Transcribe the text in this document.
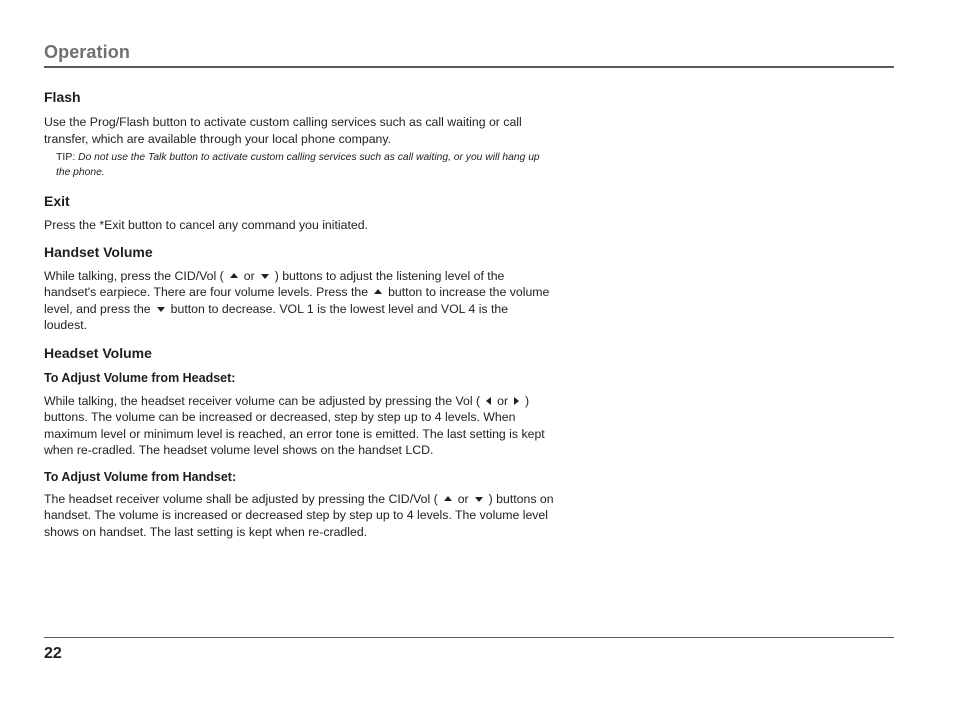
Operation
Flash

Use the Prog/Flash button to activate custom calling services such as call waiting or call transfer, which are available through your local phone company.

TIP: Do not use the Talk button to activate custom calling services such as call waiting, or you will hang up the phone.
Exit

Press the *Exit button to cancel any command you initiated.

Handset Volume

While talking, press the CID/Vol ( or ) buttons to adjust the listening level of the handset's earpiece. There are four volume levels. Press the button to increase the volume level, and press the button to decrease. VOL 1 is the lowest level and VOL 4 is the loudest.

Headset Volume
To Adjust Volume from Headset:

While talking, the headset receiver volume can be adjusted by pressing the Vol ( or ) buttons. The volume can be increased or decreased, step by step up to 4 levels. When maximum level or minimum level is reached, an error tone is emitted. The last setting is kept when re-cradled. The headset volume level shows on the handset LCD.

To Adjust Volume from Handset:

The headset receiver volume shall be adjusted by pressing the CID/Vol ( or ) buttons on handset. The volume is increased or decreased step by step up to 4 levels. The volume level shows on handset. The last setting is kept when re-cradled.

22
